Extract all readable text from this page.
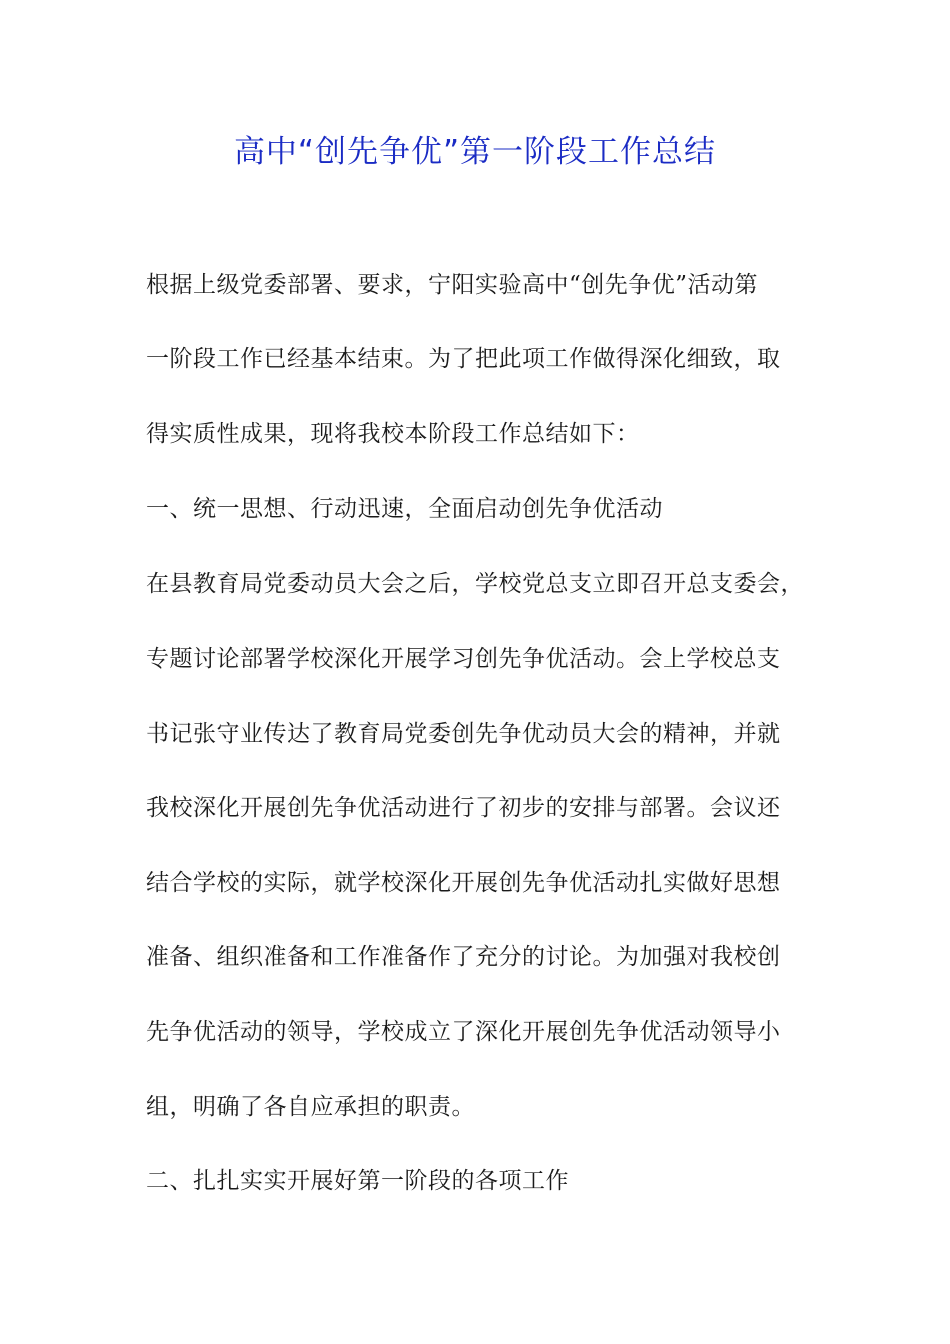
高中“创先争优”第一阶段工作总结

根据上级党委部署、要求，宁阳实验高中“创先争优”活动第

一阶段工作已经基本结束。为了把此项工作做得深化细致，取

得实质性成果，现将我校本阶段工作总结如下：

一、统一思想、行动迅速，全面启动创先争优活动

在县教育局党委动员大会之后，学校党总支立即召开总支委会，

专题讨论部署学校深化开展学习创先争优活动。会上学校总支

书记张守业传达了教育局党委创先争优动员大会的精神，并就

我校深化开展创先争优活动进行了初步的安排与部署。会议还

结合学校的实际，就学校深化开展创先争优活动扎实做好思想

准备、组织准备和工作准备作了充分的讨论。为加强对我校创

先争优活动的领导，学校成立了深化开展创先争优活动领导小

组，明确了各自应承担的职责。

二、扎扎实实开展好第一阶段的各项工作
